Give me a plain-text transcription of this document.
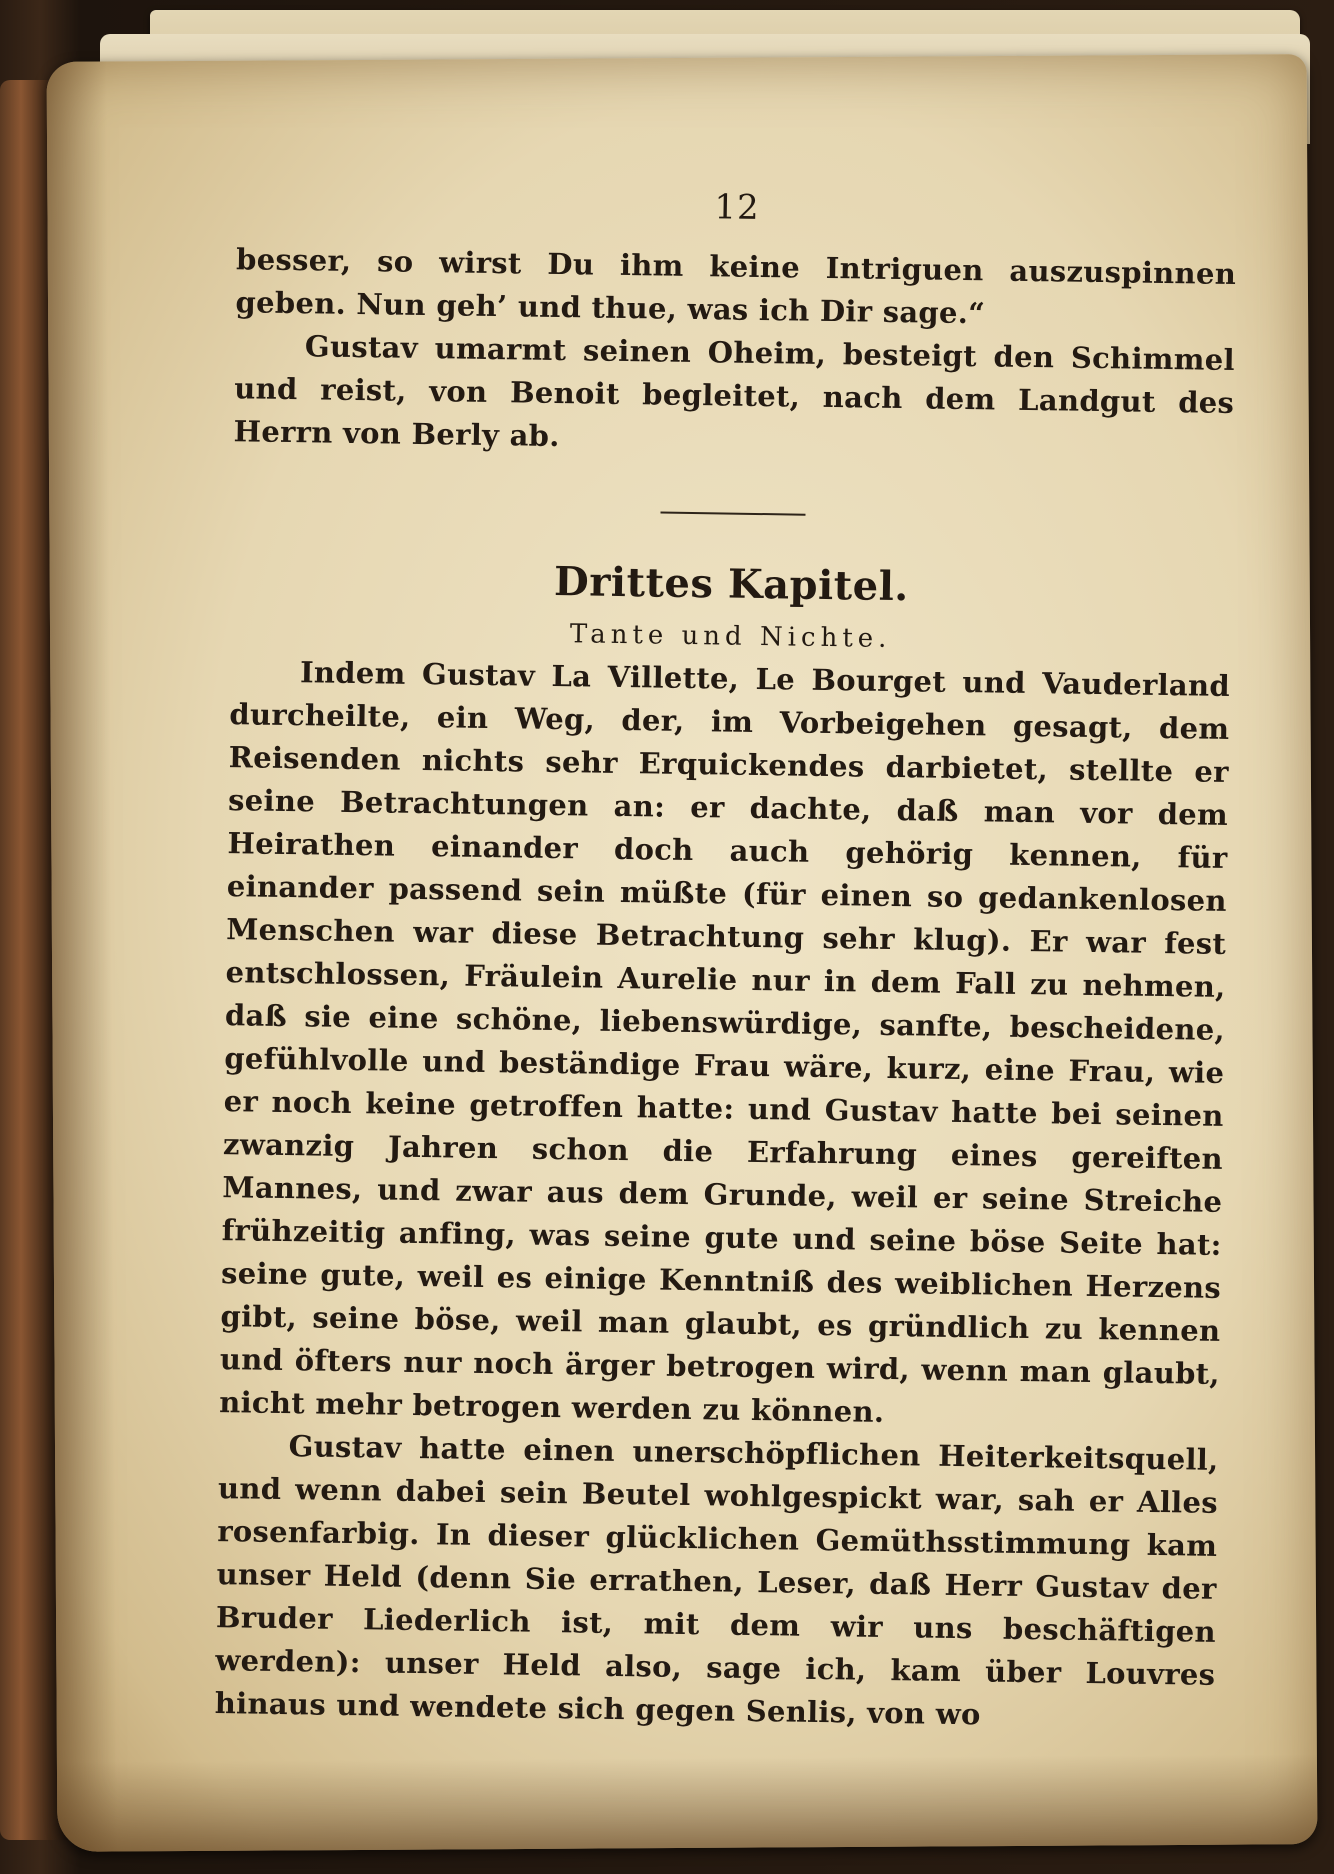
12

besser, so wirst Du ihm keine Intriguen auszuspinnen geben. Nun geh’ und thue, was ich Dir sage.“

Gustav umarmt seinen Oheim, besteigt den Schimmel und reist, von Benoit begleitet, nach dem Landgut des Herrn von Berly ab.

Drittes Kapitel.
Tante und Nichte.

Indem Gustav La Villette, Le Bourget und Vauderland durcheilte, ein Weg, der, im Vorbeigehen gesagt, dem Reisenden nichts sehr Erquickendes darbietet, stellte er seine Betrachtungen an: er dachte, daß man vor dem Heirathen einander doch auch gehörig kennen, für einander passend sein müßte (für einen so gedankenlosen Menschen war diese Betrachtung sehr klug). Er war fest entschlossen, Fräulein Aurelie nur in dem Fall zu nehmen, daß sie eine schöne, liebenswürdige, sanfte, bescheidene, gefühlvolle und beständige Frau wäre, kurz, eine Frau, wie er noch keine getroffen hatte: und Gustav hatte bei seinen zwanzig Jahren schon die Erfahrung eines gereiften Mannes, und zwar aus dem Grunde, weil er seine Streiche frühzeitig anfing, was seine gute und seine böse Seite hat: seine gute, weil es einige Kenntniß des weiblichen Herzens gibt, seine böse, weil man glaubt, es gründlich zu kennen und öfters nur noch ärger betrogen wird, wenn man glaubt, nicht mehr betrogen werden zu können.

Gustav hatte einen unerschöpflichen Heiterkeitsquell, und wenn dabei sein Beutel wohlgespickt war, sah er Alles rosenfarbig. In dieser glücklichen Gemüthsstimmung kam unser Held (denn Sie errathen, Leser, daß Herr Gustav der Bruder Liederlich ist, mit dem wir uns beschäftigen werden): unser Held also, sage ich, kam über Louvres hinaus und wendete sich gegen Senlis, von wo
